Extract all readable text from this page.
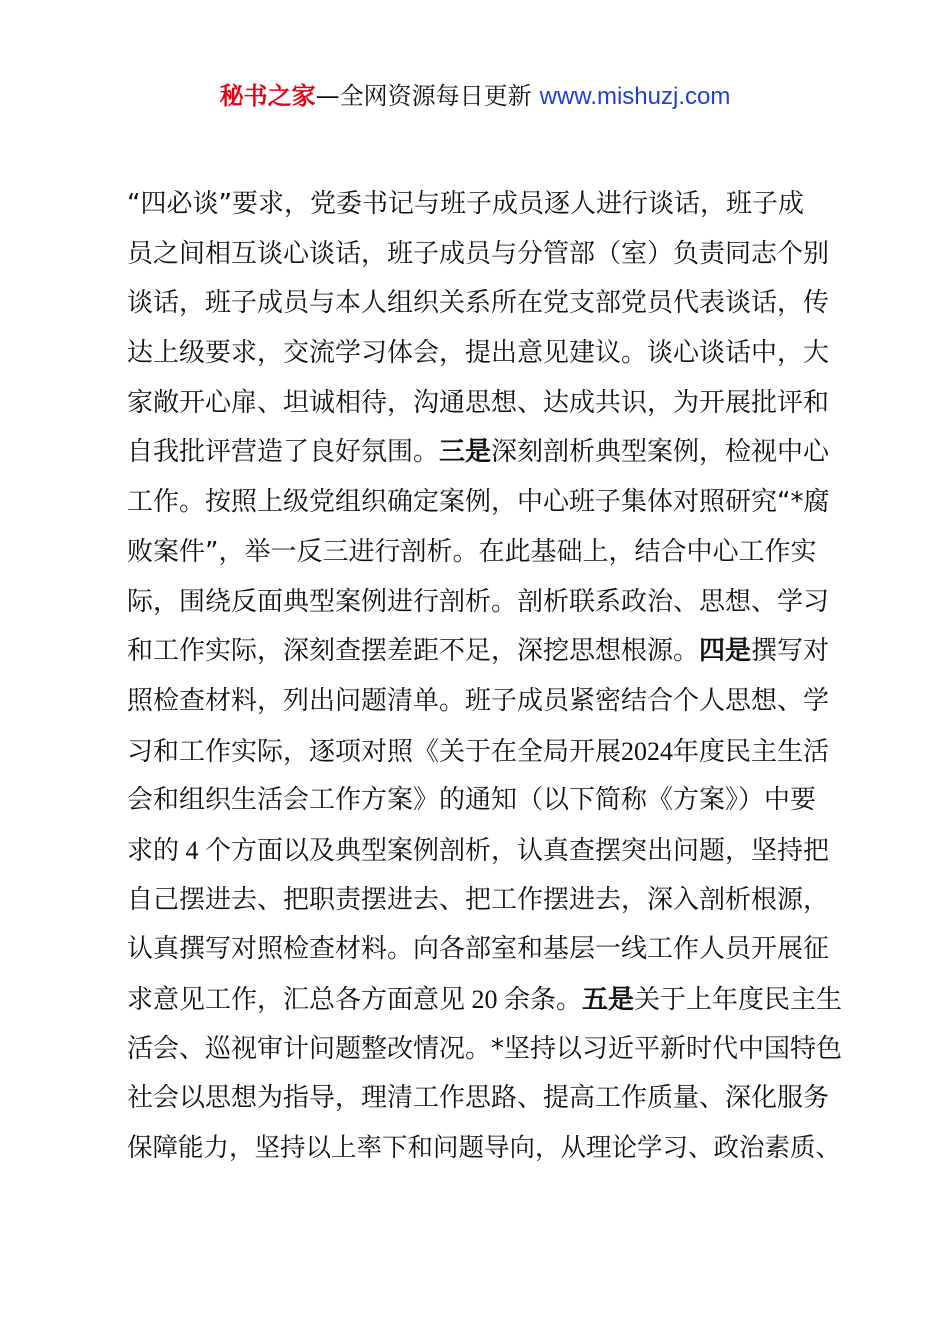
秘书之家—全网资源每日更新 www.mishuzj.com
“四必谈”要求，党委书记与班子成员逐人进行谈话，班子成
员之间相互谈心谈话，班子成员与分管部（室）负责同志个别
谈话，班子成员与本人组织关系所在党支部党员代表谈话，传
达上级要求，交流学习体会，提出意见建议。谈心谈话中，大
家敞开心扉、坦诚相待，沟通思想、达成共识，为开展批评和
自我批评营造了良好氛围。三是深刻剖析典型案例，检视中心
工作。按照上级党组织确定案例，中心班子集体对照研究“*腐
败案件”，举一反三进行剖析。在此基础上，结合中心工作实
际，围绕反面典型案例进行剖析。剖析联系政治、思想、学习
和工作实际，深刻查摆差距不足，深挖思想根源。四是撰写对
照检查材料，列出问题清单。班子成员紧密结合个人思想、学
习和工作实际，逐项对照《关于在全局开展2024年度民主生活
会和组织生活会工作方案》的通知（以下简称《方案》）中要
求的 4 个方面以及典型案例剖析，认真查摆突出问题，坚持把
自己摆进去、把职责摆进去、把工作摆进去，深入剖析根源，
认真撰写对照检查材料。向各部室和基层一线工作人员开展征
求意见工作，汇总各方面意见 20 余条。五是关于上年度民主生
活会、巡视审计问题整改情况。*坚持以习近平新时代中国特色
社会以思想为指导，理清工作思路、提高工作质量、深化服务
保障能力，坚持以上率下和问题导向，从理论学习、政治素质、
